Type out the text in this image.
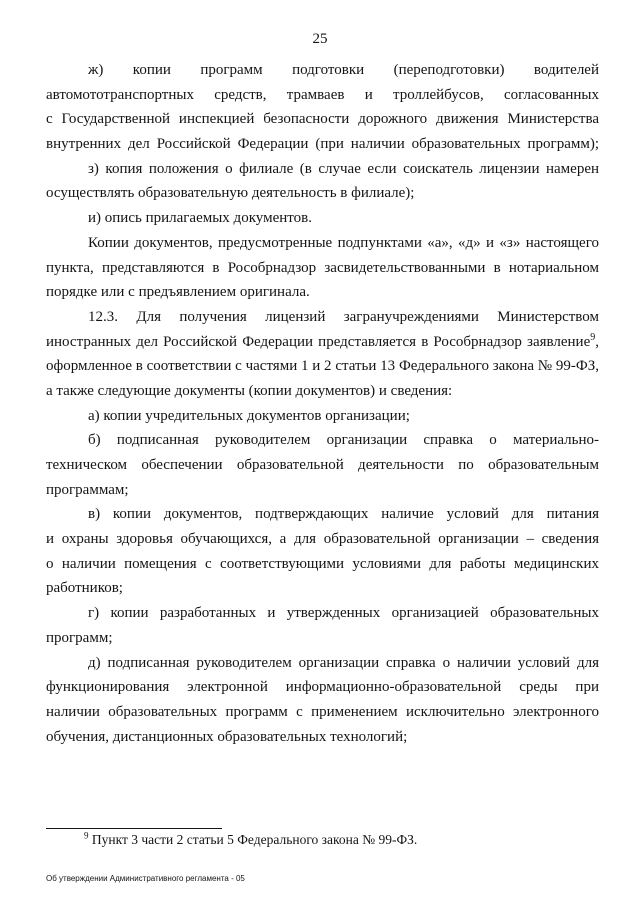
25
ж) копии программ подготовки (переподготовки) водителей
автомототранспортных средств, трамваев и троллейбусов, согласованных
с Государственной инспекцией безопасности дорожного движения Министерства
внутренних дел Российской Федерации (при наличии образовательных программ);
з) копия положения о филиале (в случае если соискатель лицензии намерен
осуществлять образовательную деятельность в филиале);
и) опись прилагаемых документов.
Копии документов, предусмотренные подпунктами «а», «д» и «з» настоящего
пункта, представляются в Рособрнадзор засвидетельствованными в нотариальном
порядке или с предъявлением оригинала.
12.3. Для получения лицензий загранучреждениями Министерством
иностранных дел Российской Федерации представляется в Рособрнадзор заявление$^9$,
оформленное в соответствии с частями 1 и 2 статьи 13 Федерального закона № 99-ФЗ,
а также следующие документы (копии документов) и сведения:
а) копии учредительных документов организации;
б) подписанная руководителем организации справка о материально-
техническом обеспечении образовательной деятельности по образовательным
программам;
в) копии документов, подтверждающих наличие условий для питания
и охраны здоровья обучающихся, а для образовательной организации – сведения
о наличии помещения с соответствующими условиями для работы медицинских
работников;
г) копии разработанных и утвержденных организацией образовательных
программ;
д) подписанная руководителем организации справка о наличии условий для
функционирования электронной информационно-образовательной среды при
наличии образовательных программ с применением исключительно электронного
обучения, дистанционных образовательных технологий;
$^9$ Пункт 3 части 2 статьи 5 Федерального закона № 99-ФЗ.
Об утверждении Административного регламента - 05
